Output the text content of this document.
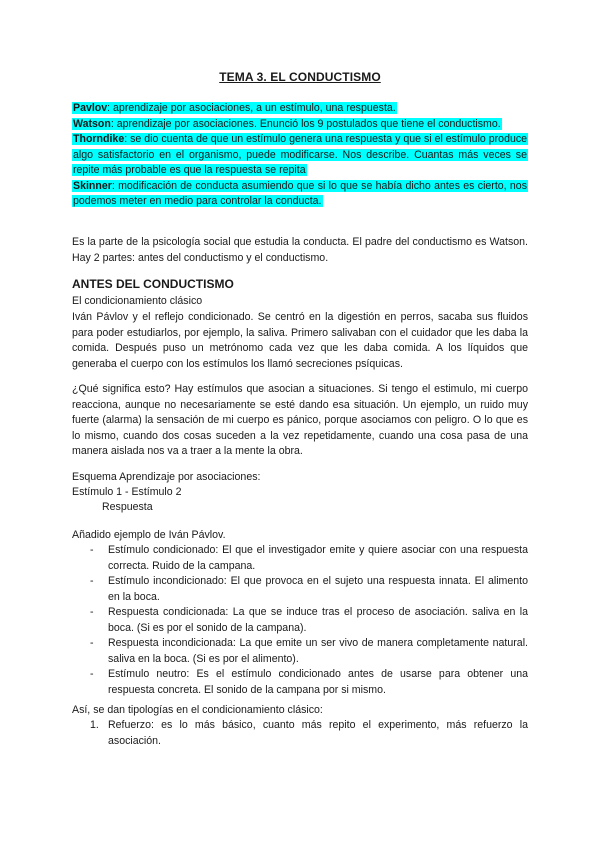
TEMA 3. EL CONDUCTISMO
Pavlov: aprendizaje por asociaciones, a un estímulo, una respuesta.
Watson: aprendizaje por asociaciones. Enunció los 9 postulados que tiene el conductismo.
Thorndike: se dio cuenta de que un estímulo genera una respuesta y que si el estímulo produce algo satisfactorio en el organismo, puede modificarse. Nos describe. Cuantas más veces se repite más probable es que la respuesta se repita
Skinner: modificación de conducta asumiendo que si lo que se había dicho antes es cierto, nos podemos meter en medio para controlar la conducta.
Es la parte de la psicología social que estudia la conducta. El padre del conductismo es Watson. Hay 2 partes: antes del conductismo y el conductismo.
ANTES DEL CONDUCTISMO
El condicionamiento clásico
Iván Pávlov y el reflejo condicionado. Se centró en la digestión en perros, sacaba sus fluidos para poder estudiarlos, por ejemplo, la saliva. Primero salivaban con el cuidador que les daba la comida. Después puso un metrónomo cada vez que les daba comida. A los líquidos que generaba el cuerpo con los estímulos los llamó secreciones psíquicas.
¿Qué significa esto? Hay estímulos que asocian a situaciones. Si tengo el estimulo, mi cuerpo reacciona, aunque no necesariamente se esté dando esa situación. Un ejemplo, un ruido muy fuerte (alarma) la sensación de mi cuerpo es pánico, porque asociamos con peligro. O lo que es lo mismo, cuando dos cosas suceden a la vez repetidamente, cuando una cosa pasa de una manera aislada nos va a traer a la mente la obra.
Esquema Aprendizaje por asociaciones:
Estímulo 1 - Estímulo 2
Respuesta
Añadido ejemplo de Iván Pávlov.
- Estímulo condicionado: El que el investigador emite y quiere asociar con una respuesta correcta. Ruido de la campana.
- Estímulo incondicionado: El que provoca en el sujeto una respuesta innata. El alimento en la boca.
- Respuesta condicionada: La que se induce tras el proceso de asociación. saliva en la boca. (Si es por el sonido de la campana).
- Respuesta incondicionada: La que emite un ser vivo de manera completamente natural. saliva en la boca. (Si es por el alimento).
- Estímulo neutro: Es el estímulo condicionado antes de usarse para obtener una respuesta concreta. El sonido de la campana por si mismo.
Así, se dan tipologías en el condicionamiento clásico:
1. Refuerzo: es lo más básico, cuanto más repito el experimento, más refuerzo la asociación.
